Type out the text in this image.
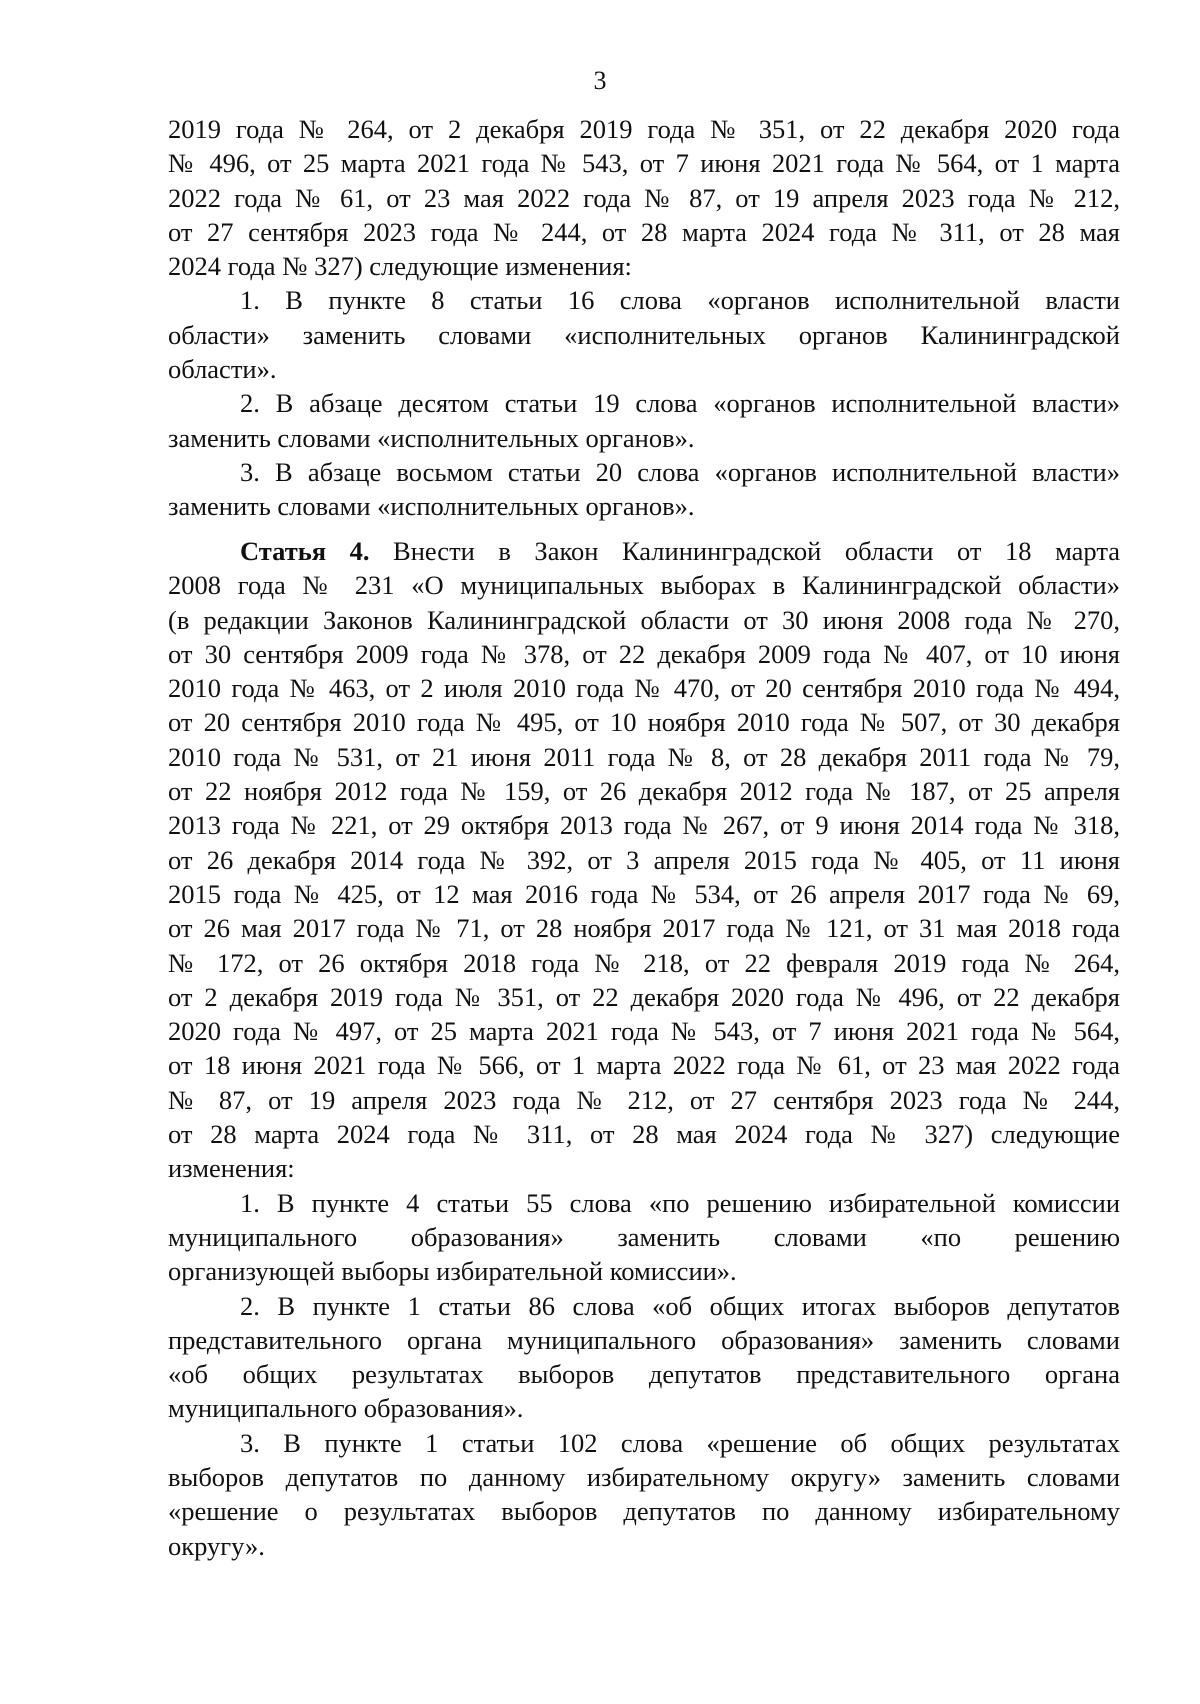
3
2019 года № 264, от 2 декабря 2019 года № 351, от 22 декабря 2020 года
№ 496, от 25 марта 2021 года № 543, от 7 июня 2021 года № 564, от 1 марта
2022 года № 61, от 23 мая 2022 года № 87, от 19 апреля 2023 года № 212,
от 27 сентября 2023 года № 244, от 28 марта 2024 года № 311, от 28 мая
2024 года № 327) следующие изменения:
1. В пункте 8 статьи 16 слова «органов исполнительной власти
области» заменить словами «исполнительных органов Калининградской
области».
2. В абзаце десятом статьи 19 слова «органов исполнительной власти»
заменить словами «исполнительных органов».
3. В абзаце восьмом статьи 20 слова «органов исполнительной власти»
заменить словами «исполнительных органов».
Статья 4. Внести в Закон Калининградской области от 18 марта
2008 года № 231 «О муниципальных выборах в Калининградской области»
(в редакции Законов Калининградской области от 30 июня 2008 года № 270,
от 30 сентября 2009 года № 378, от 22 декабря 2009 года № 407, от 10 июня
2010 года № 463, от 2 июля 2010 года № 470, от 20 сентября 2010 года № 494,
от 20 сентября 2010 года № 495, от 10 ноября 2010 года № 507, от 30 декабря
2010 года № 531, от 21 июня 2011 года № 8, от 28 декабря 2011 года № 79,
от 22 ноября 2012 года № 159, от 26 декабря 2012 года № 187, от 25 апреля
2013 года № 221, от 29 октября 2013 года № 267, от 9 июня 2014 года № 318,
от 26 декабря 2014 года № 392, от 3 апреля 2015 года № 405, от 11 июня
2015 года № 425, от 12 мая 2016 года № 534, от 26 апреля 2017 года № 69,
от 26 мая 2017 года № 71, от 28 ноября 2017 года № 121, от 31 мая 2018 года
№ 172, от 26 октября 2018 года № 218, от 22 февраля 2019 года № 264,
от 2 декабря 2019 года № 351, от 22 декабря 2020 года № 496, от 22 декабря
2020 года № 497, от 25 марта 2021 года № 543, от 7 июня 2021 года № 564,
от 18 июня 2021 года № 566, от 1 марта 2022 года № 61, от 23 мая 2022 года
№ 87, от 19 апреля 2023 года № 212, от 27 сентября 2023 года № 244,
от 28 марта 2024 года № 311, от 28 мая 2024 года № 327) следующие
изменения:
1. В пункте 4 статьи 55 слова «по решению избирательной комиссии
муниципального образования» заменить словами «по решению
организующей выборы избирательной комиссии».
2. В пункте 1 статьи 86 слова «об общих итогах выборов депутатов
представительного органа муниципального образования» заменить словами
«об общих результатах выборов депутатов представительного органа
муниципального образования».
3. В пункте 1 статьи 102 слова «решение об общих результатах
выборов депутатов по данному избирательному округу» заменить словами
«решение о результатах выборов депутатов по данному избирательному
округу».
